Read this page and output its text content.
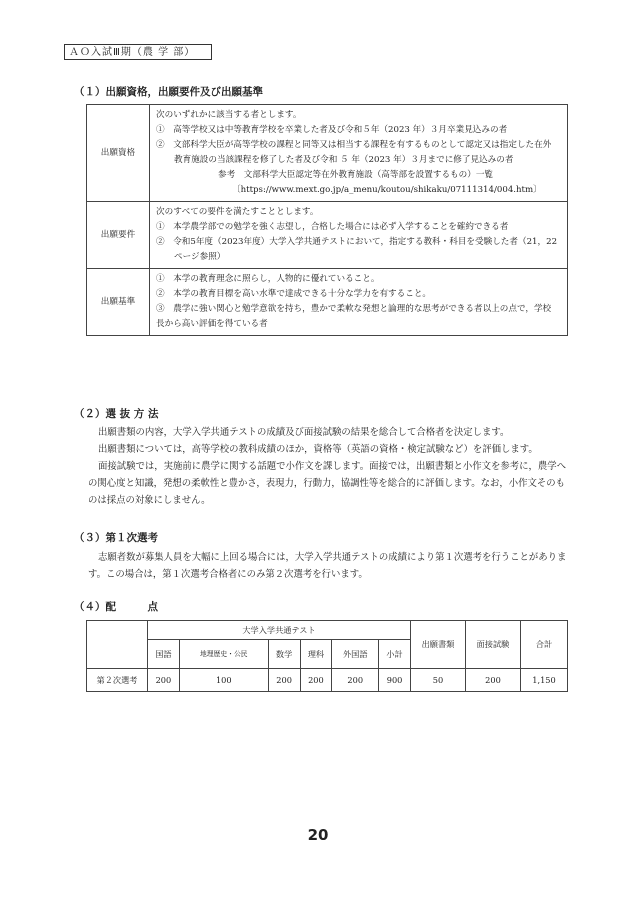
ＡＯ入試Ⅲ期（農 学 部）
（１）出願資格，出願要件及び出願基準
出願資格	次のいずれかに該当する者とします。
①　高等学校又は中等教育学校を卒業した者及び令和５年（2023 年）３月卒業見込みの者
②　文部科学大臣が高等学校の課程と同等又は相当する課程を有するものとして認定又は指定した在外教育施設の当該課程を修了した者及び令和 ５ 年（2023 年）３月までに修了見込みの者
参考　文部科学大臣認定等在外教育施設（高等部を設置するもの）一覧
〔https://www.mext.go.jp/a_menu/koutou/shikaku/07111314/004.htm〕

出願要件	次のすべての要件を満たすこととします。
①　本学農学部での勉学を強く志望し，合格した場合には必ず入学することを確約できる者
②　令和5年度（2023年度）大学入学共通テストにおいて，指定する教科・科目を受験した者（21，22ページ参照）

出願基準	①　本学の教育理念に照らし，人物的に優れていること。
②　本学の教育目標を高い水準で達成できる十分な学力を有すること。
③　農学に強い関心と勉学意欲を持ち，豊かで柔軟な発想と論理的な思考ができる者以上の点で，学校長から高い評価を得ている者
（２）選 抜 方 法

出願書類の内容，大学入学共通テストの成績及び面接試験の結果を総合して合格者を決定します。

出願書類については，高等学校の教科成績のほか，資格等（英語の資格・検定試験など）を評価します。

面接試験では，実施前に農学に関する話題で小作文を課します。面接では，出願書類と小作文を参考に，農学への関心度と知識，発想の柔軟性と豊かさ，表現力，行動力，協調性等を総合的に評価します。なお，小作文そのものは採点の対象にしません。

（３）第１次選考

志願者数が募集人員を大幅に上回る場合には，大学入学共通テストの成績により第１次選考を行うことがあります。この場合は，第１次選考合格者にのみ第２次選考を行います。

（４）配　　　点
	大学入学共通テスト						出願書類	面接試験	合計
	国語	地理歴史・公民	数学	理科	外国語	小計			
第２次選考	200	100	200	200	200	900	50	200	1,150
20
